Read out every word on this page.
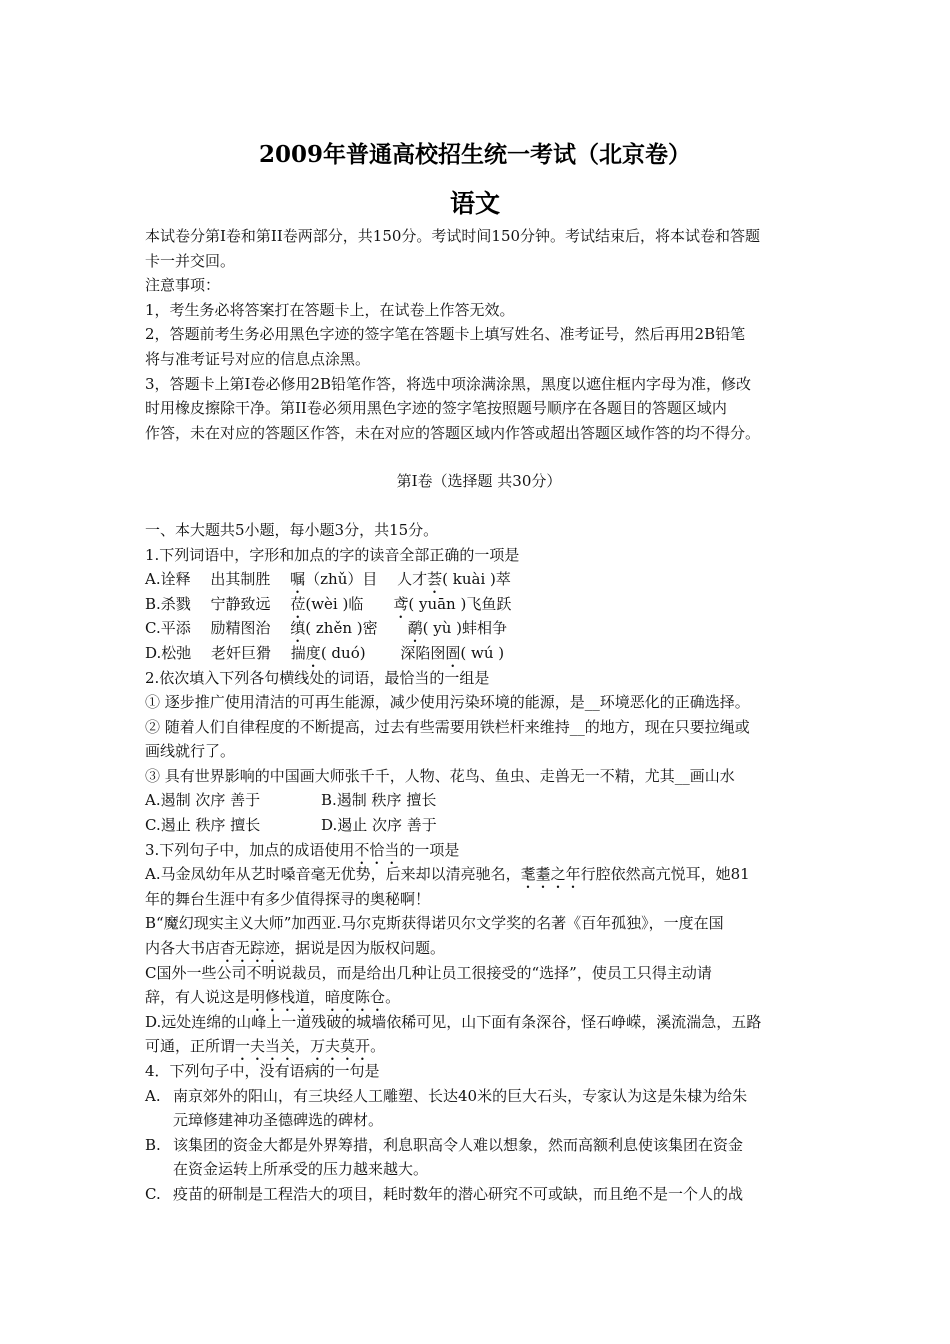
2009年普通高校招生统一考试（北京卷）
语文
本试卷分第I卷和第II卷两部分，共150分。考试时间150分钟。考试结束后，将本试卷和答题
卡一并交回。
注意事项：
1，考生务必将答案打在答题卡上，在试卷上作答无效。
2，答题前考生务必用黑色字迹的签字笔在答题卡上填写姓名、准考证号，然后再用2B铅笔
将与准考证号对应的信息点涂黑。
3，答题卡上第I卷必修用2B铅笔作答，将选中项涂满涂黑，黑度以遮住框内字母为准，修改
时用橡皮擦除干净。第II卷必须用黑色字迹的签字笔按照题号顺序在各题目的答题区域内
作答，未在对应的答题区作答，未在对应的答题区域内作答或超出答题区域作答的均不得分。
第I卷（选择题 共30分）
一、本大题共5小题，每小题3分，共15分。
1.下列词语中，字形和加点的字的读音全部正确的一项是
A.诠释　 出其制胜　 嘱（zhǔ）目　 人才荟( kuài )萃
B.杀戮　 宁静致远　 莅(wèi )临　　鸢( yuān )飞鱼跃
C.平添　 励精图治　 缜( zhěn )密　　鹬( yù )蚌相争
D.松弛　 老奸巨猾　 揣度( duó)　　 深陷囹圄( wú )
2.依次填入下列各句横线处的词语，最恰当的一组是
① 逐步推广使用清洁的可再生能源，减少使用污染环境的能源，是__环境恶化的正确选择。
② 随着人们自律程度的不断提高，过去有些需要用铁栏杆来维持__的地方，现在只要拉绳或
画线就行了。
③ 具有世界影响的中国画大师张千千，人物、花鸟、鱼虫、走兽无一不精，尤其__画山水
A.遏制 次序 善于	B.遏制 秩序 擅长
C.遏止 秩序 擅长	D.遏止 次序 善于
3.下列句子中，加点的成语使用不恰当的一项是
A.马金凤幼年从艺时嗓音毫无优势，后来却以清亮驰名，耄耋之年行腔依然高亢悦耳，她81
年的舞台生涯中有多少值得探寻的奥秘啊！
B“魔幻现实主义大师”加西亚.马尔克斯获得诺贝尔文学奖的名著《百年孤独》，一度在国
内各大书店杳无踪迹，据说是因为版权问题。
C国外一些公司不明说裁员，而是给出几种让员工很接受的“选择”，使员工只得主动请
辞，有人说这是明修栈道，暗度陈仓。
D.远处连绵的山峰上一道残破的城墙依稀可见，山下面有条深谷，怪石峥嵘，溪流湍急，五路
可通，正所谓一夫当关，万夫莫开。
4．下列句子中，没有语病的一句是
A. 南京郊外的阳山，有三块经人工雕塑、长达40米的巨大石头，专家认为这是朱棣为给朱
元璋修建神功圣德碑选的碑材。
B. 该集团的资金大都是外界筹措，利息职高令人难以想象，然而高额利息使该集团在资金
在资金运转上所承受的压力越来越大。
C. 疫苗的研制是工程浩大的项目，耗时数年的潜心研究不可或缺，而且绝不是一个人的战
